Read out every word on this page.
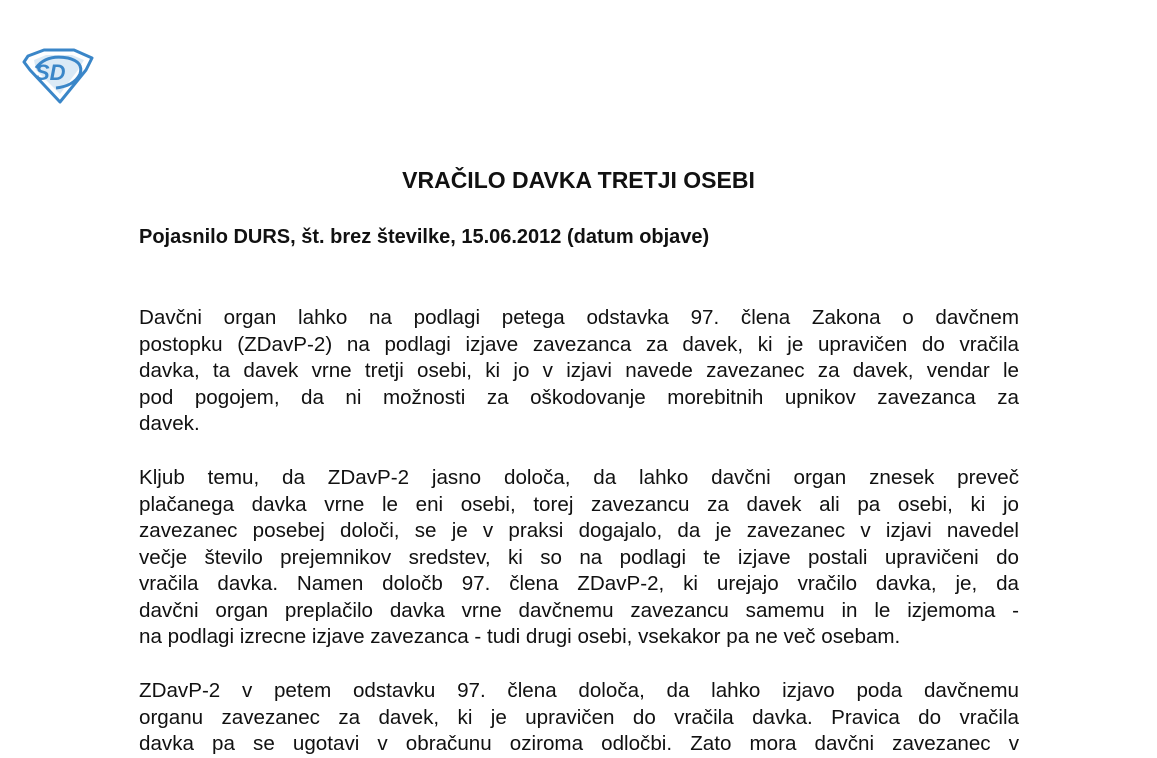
SD
VRAČILO DAVKA TRETJI OSEBI
Pojasnilo DURS, št. brez številke, 15.06.2012 (datum objave)
Davčni organ lahko na podlagi petega odstavka 97. člena Zakona o davčnem
postopku (ZDavP-2) na podlagi izjave zavezanca za davek, ki je upravičen do vračila
davka, ta davek vrne tretji osebi, ki jo v izjavi navede zavezanec za davek, vendar le
pod pogojem, da ni možnosti za oškodovanje morebitnih upnikov zavezanca za
davek.
Kljub temu, da ZDavP-2 jasno določa, da lahko davčni organ znesek preveč
plačanega davka vrne le eni osebi, torej zavezancu za davek ali pa osebi, ki jo
zavezanec posebej določi, se je v praksi dogajalo, da je zavezanec v izjavi navedel
večje število prejemnikov sredstev, ki so na podlagi te izjave postali upravičeni do
vračila davka. Namen določb 97. člena ZDavP-2, ki urejajo vračilo davka, je, da
davčni organ preplačilo davka vrne davčnemu zavezancu samemu in le izjemoma -
na podlagi izrecne izjave zavezanca - tudi drugi osebi, vsekakor pa ne več osebam.
ZDavP-2 v petem odstavku 97. člena določa, da lahko izjavo poda davčnemu
organu zavezanec za davek, ki je upravičen do vračila davka. Pravica do vračila
davka pa se ugotavi v obračunu oziroma odločbi. Zato mora davčni zavezanec v
